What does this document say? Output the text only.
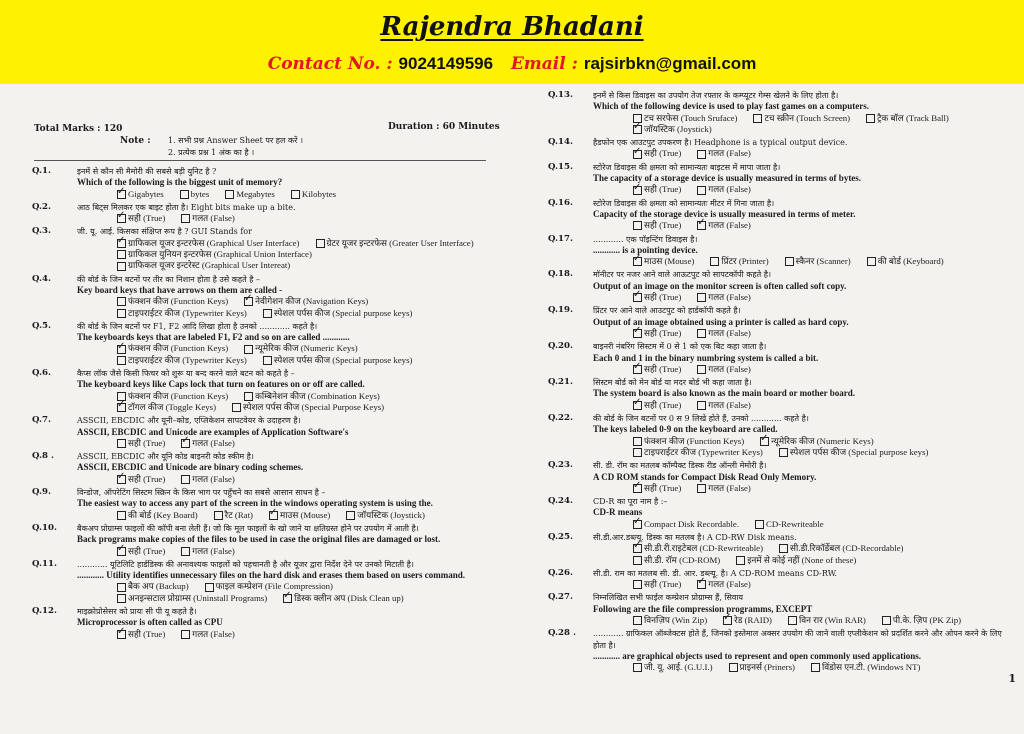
Rajendra Bhadani
Contact No. : 9024149596 Email : rajsirbkn@gmail.com
Total Marks : 120	Duration : 60 Minutes
Note : 1. सभी प्रश्न Answer Sheet पर हल करें ।
2. प्रत्येक प्रश्न 1 अंक का है ।
1
Q.1.	इनमें से कौन सी मैमोरी की सबसे बड़ी युनिट है ?
Which of the following is the biggest unit of memory?
✓
Gigabytes	bytes	Megabytes	Kilobytes
Q.2.	आठ बिट्स मिलकर एक बाइट होता है। Eight bits make up a bite.
✓
सही (True)	गलत (False)
Q.3.	जी. यू. आई. किसका संक्षिप्त रूप है ? GUI Stands for
✓
ग्राफिकल यूजर इन्टरफेस (Graphical User Interface)	ग्रेटर यूजर इन्टरफेस (Greater User Interface)
ग्राफिकल युनियन इन्टरफेस (Graphical Union Interface)
ग्राफिकल यूजर इन्टरेस्ट (Graphical User Intereat)
Q.4.	की बोर्ड के जिन बटनों पर तीर का निशान होता है उसे कहते है –
Key board keys that have arrows on them are called -
फंक्शन कीज (Function Keys) ✓	नेवीगेशन कीज (Navigation Keys)
टाइपराईटर कीज (Typewriter Keys)	स्पेशल पर्पस कीज (Special purpose keys)
Q.5.	की बोर्ड के जिन बटनों पर F1, F2 आदि लिखा होता है उनको ............ कहते है।
The keyboards keys that are labeled F1, F2 and so on are called ............
✓
फंक्शन कीज (Function Keys)	न्यूमेरिक कीज (Numeric Keys)
टाइपराईटर कीज (Typewriter Keys)	स्पेशल पर्पस कीज (Special purpose keys)
Q.6.	कैप्स लॉक जैसे किसी फिचर को शुरू या बन्द करने वाले बटन को कहते है –
The keyboard keys like Caps lock that turn on features on or off are called.
फंक्शन कीज (Function Keys)	कम्बिनेशन कीज (Combination Keys)
✓
टॉगल कीज (Toggle Keys)	स्पेशल पर्पस कीज (Special Purpose Keys)
Q.7.	ASSCII, EBCDIC और यूनी–कोड, एप्लिकेशन सापटवेयर के उदाहरण है।
ASSCII, EBCDIC and Unicode are examples of Application Software's
सही (True) ✓	गलत (False)
Q.8 .	ASSCII, EBCDIC और यूनि कोड बाइनरी कोड स्कीम है।
ASSCII, EBCDIC and Unicode are binary coding schemes.
✓
सही (True)	गलत (False)
Q.9.	विन्डोज, ऑपरेटिंग सिस्टम स्क्रिन के किस भाग पर पहुँचने का सबसे आसान साधन है –
The easiest way to access any part of the screen in the windows operating system is using the.
की बोर्ड (Key Board)	रैट (Rat) ✓	माउस (Mouse)	जॉयस्टिक (Joystick)
Q.10.	बैकअप प्रोग्राम्स फाइलों की कॉपी बना लेती हैं। जो कि मूल फाइलों के खो जाने या क्षतिग्रस्त होने पर उपयोग में आती है।
Back programs make copies of the files to be used in case the original files are damaged or lost.
✓
सही (True)	गलत (False)
Q.11.	............ यूटिलिटि हार्डडिस्क की अनावश्यक फाइलों को पहचानती है और यूजर द्वारा निर्देश देने पर उनको मिटाती है।
............ Utility identifies unnecessary files on the hard disk and erases them based on users command.
बैक अप (Backup)	फाइल कम्प्रेशन (File Compression)
अनइन्सटाल प्रोग्राम्स (Uninstall Programs) ✓	डिस्क क्लीन अप (Disk Clean up)
Q.12.	माइक्रोप्रोसेसर को प्रायः सी पी यू कहते है।
Microprocessor is often called as CPU
✓
सही (True)	गलत (False)
Q.13.	इनमें से किस डिवाइस का उपयोग तेज रफ्तार के कम्प्यूटर गेम्स खेलने के लिए होता है।
Which of the following device is used to play fast games on a computers.
टच सरफेस (Touch Sruface)	टच स्क्रीन (Touch Screen)	ट्रैक बॉल (Track Ball)
✓
जॉयस्टिक (Joystick)
Q.14.	हैडफोन एक आउटपुट उपकरण है। Headphone is a typical output device.
✓
सही (True)	गलत (False)
Q.15.	स्टोरेज डिवाइस की क्षमता को सामान्यतः बाइटस में मापा जाता है।
The capacity of a storage device is usually measured in terms of bytes.
✓
सही (True)	गलत (False)
Q.16.	स्टोरेज डिवाइस की क्षमता को सामान्यतः मीटर में गिना जाता है।
Capacity of the storage device is usually measured in terms of meter.
सही (True) ✓	गलत (False)
Q.17.	............ एक पॉइन्टिंग डिवाइस है।
............ is a pointing device.
✓
माउस (Mouse)	प्रिंटर (Printer)	स्कैनर (Scanner)	की बोर्ड (Keyboard)
Q.18.	मॉनीटर पर नजर आने वाले आऊटपुट को सापटकॉपी कहते है।
Output of an image on the monitor screen is often called soft copy.
✓
सही (True)	गलत (False)
Q.19.	प्रिंटर पर आने वाले आउटपुट को हार्डकॉपी कहते है।
Output of an image obtained using a printer is called as hard copy.
✓
सही (True)	गलत (False)
Q.20.	बाइनरी नंबरिंग सिस्टम में 0 से 1 को एक बिट कहा जाता है।
Each 0 and 1 in the binary numbring system is called a bit.
✓
सही (True)	गलत (False)
Q.21.	सिस्टम बोर्ड को मेन बोर्ड या मदर बोर्ड भी कहा जाता है।
The system board is also known as the main board or mother board.
✓
सही (True)	गलत (False)
Q.22.	की बोर्ड के जिन बटनों पर 0 स 9 लिखे होते हैं, उनको ............ कहते है।
The keys labeled 0-9 on the keyboard are called.
फंक्शन कीज (Function Keys) ✓	न्यूमेरिक कीज (Numeric Keys)
टाइपराईटर कीज (Typewriter Keys)	स्पेशल पर्पस कीज (Special purpose keys)
Q.23.	सी. डी. रॉम का मतलब कॉम्पैक्ट डिस्क रीड ऑन्ली मेमोरी है।
A CD ROM stands for Compact Disk Read Only Memory.
✓
सही (True)	गलत (False)
Q.24.	CD-R का पूरा नाम है :–
CD-R means
✓
Compact Disk Recordable.	CD-Rewriteable
Q.25.	सी.डी.आर.डब्ल्यू. डिस्क का मतलब है। A CD-RW Disk means.
✓
सी.डी.री.राइटेबल (CD-Rewriteable)	सी.डी.रिकॉर्डेबल (CD-Recordable)
सी.डी. रॉम (CD-ROM)	इनमें से कोई नहीं (None of these)
Q.26.	सी.डी. राम का मतलब सी. डी. आर. डब्ल्यू. है। A CD-ROM means CD-RW.
सही (True) ✓	गलत (False)
Q.27.	निम्नलिखित सभी फाईल कम्प्रेशन प्रोग्राम्स हैं, सिवाय
Following are the file compression programms, EXCEPT
विनज़िप (Win Zip) ✓	रेड (RAID)	विन रार (Win RAR)	पी.के. ज़िप (PK Zip)
Q.28 .	............ ग्राफिकल ऑब्जेक्टस होते हैं, जिनको इस्तेमाल अक्सर उपयोग की जाने वाली एप्लीकेशन को प्रदर्शित करने और ओपन करने के लिए होता है।
............ are graphical objects used to represent and open commonly used applications.
जी. यू. आई. (G.U.I.)	प्राइनर्स (Priners)	विंडोस एन.टी. (Windows NT)
